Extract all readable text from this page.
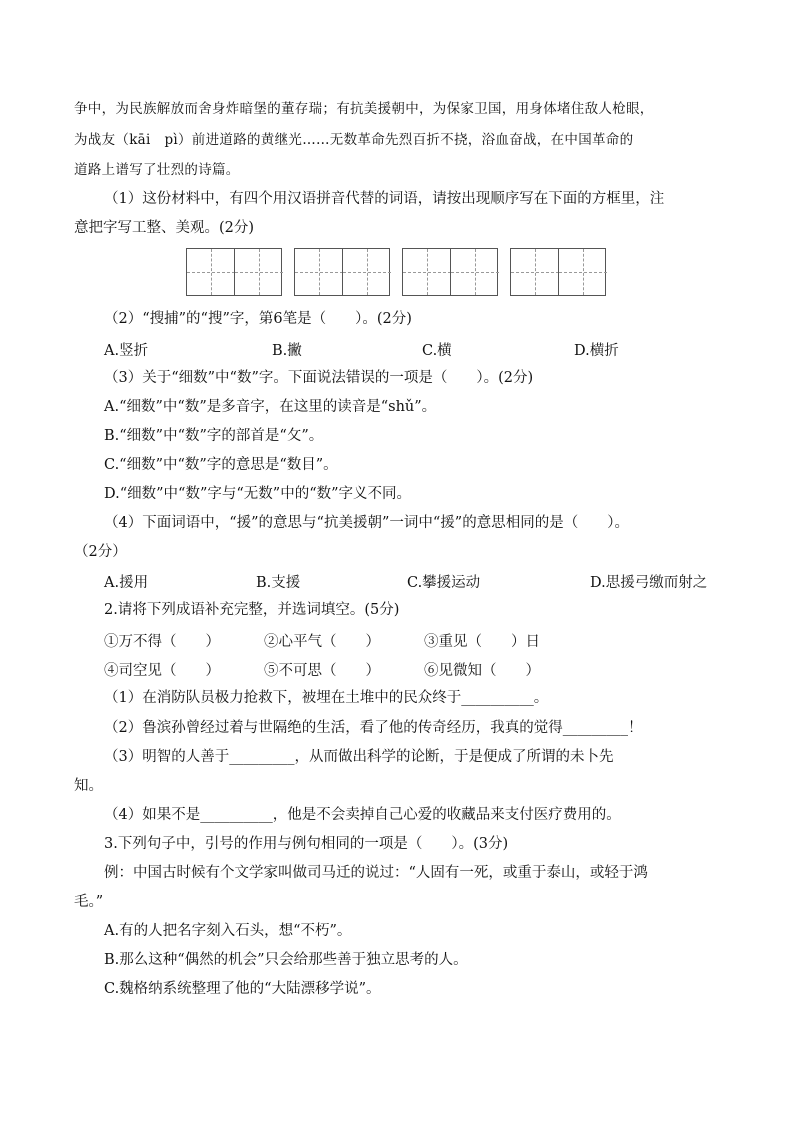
争中，为民族解放而舍身炸暗堡的董存瑞；有抗美援朝中，为保家卫国，用身体堵住敌人枪眼，
为战友（kāi　pì）前进道路的黄继光……无数革命先烈百折不挠，浴血奋战，在中国革命的
道路上谱写了壮烈的诗篇。
（1）这份材料中，有四个用汉语拼音代替的词语，请按出现顺序写在下面的方框里，注
意把字写工整、美观。(2分)
（2）“搜捕”的“搜”字，第6笔是（　　）。(2分)
A.竖折	B.撇	C.横	D.横折
（3）关于“细数”中“数”字。下面说法错误的一项是（　　）。(2分)
A.“细数”中“数”是多音字，在这里的读音是“shǔ”。
B.“细数”中“数”字的部首是“攵”。
C.“细数”中“数”字的意思是“数目”。
D.“细数”中“数”字与“无数”中的“数”字义不同。
（4）下面词语中，“援”的意思与“抗美援朝”一词中“援”的意思相同的是（　　）。
（2分）
A.援用	B.支援	C.攀援运动	D.思援弓缴而射之
2.请将下列成语补充完整，并选词填空。(5分)
①万不得（　　）	②心平气（　　）	③重见（　　）日
④司空见（　　）	⑤不可思（　　）	⑥见微知（　　）
（1）在消防队员极力抢救下，被埋在土堆中的民众终于__________。
（2）鲁滨孙曾经过着与世隔绝的生活，看了他的传奇经历，我真的觉得_________！
（3）明智的人善于_________，从而做出科学的论断，于是便成了所谓的未卜先
知。
（4）如果不是__________，他是不会卖掉自己心爱的收藏品来支付医疗费用的。
3.下列句子中，引号的作用与例句相同的一项是（　　）。(3分)
例：中国古时候有个文学家叫做司马迁的说过：“人固有一死，或重于泰山，或轻于鸿
毛。”
A.有的人把名字刻入石头，想“不朽”。
B.那么这种“偶然的机会”只会给那些善于独立思考的人。
C.魏格纳系统整理了他的“大陆漂移学说”。
